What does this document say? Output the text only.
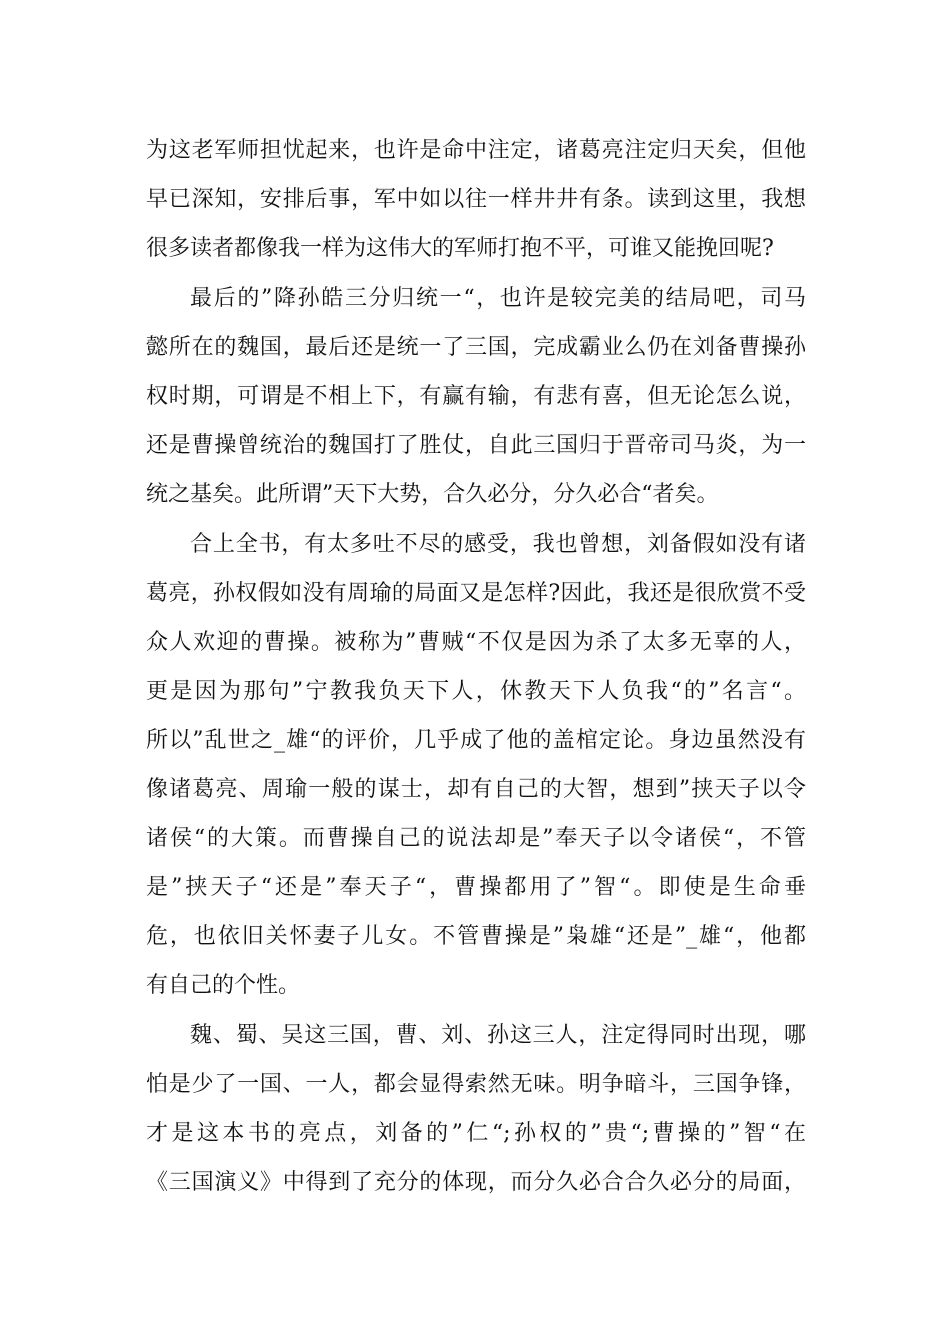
为这老军师担忧起来，也许是命中注定，诸葛亮注定归天矣，但他
早已深知，安排后事，军中如以往一样井井有条。读到这里，我想
很多读者都像我一样为这伟大的军师打抱不平，可谁又能挽回呢?
最后的”降孙皓三分归统一“，也许是较完美的结局吧，司马
懿所在的魏国，最后还是统一了三国，完成霸业么仍在刘备曹操孙
权时期，可谓是不相上下，有赢有输，有悲有喜，但无论怎么说，
还是曹操曾统治的魏国打了胜仗，自此三国归于晋帝司马炎，为一
统之基矣。此所谓”天下大势，合久必分，分久必合“者矣。
合上全书，有太多吐不尽的感受，我也曾想，刘备假如没有诸
葛亮，孙权假如没有周瑜的局面又是怎样?因此，我还是很欣赏不受
众人欢迎的曹操。被称为”曹贼“不仅是因为杀了太多无辜的人，
更是因为那句”宁教我负天下人，休教天下人负我“的”名言“。
所以”乱世之_雄“的评价，几乎成了他的盖棺定论。身边虽然没有
像诸葛亮、周瑜一般的谋士，却有自己的大智，想到”挟天子以令
诸侯“的大策。而曹操自己的说法却是”奉天子以令诸侯“，不管
是”挟天子“还是”奉天子“，曹操都用了”智“。即使是生命垂
危，也依旧关怀妻子儿女。不管曹操是”枭雄“还是”_雄“，他都
有自己的个性。
魏、蜀、吴这三国，曹、刘、孙这三人，注定得同时出现，哪
怕是少了一国、一人，都会显得索然无味。明争暗斗，三国争锋，
才是这本书的亮点，刘备的”仁“;孙权的”贵“;曹操的”智“在
《三国演义》中得到了充分的体现，而分久必合合久必分的局面，
